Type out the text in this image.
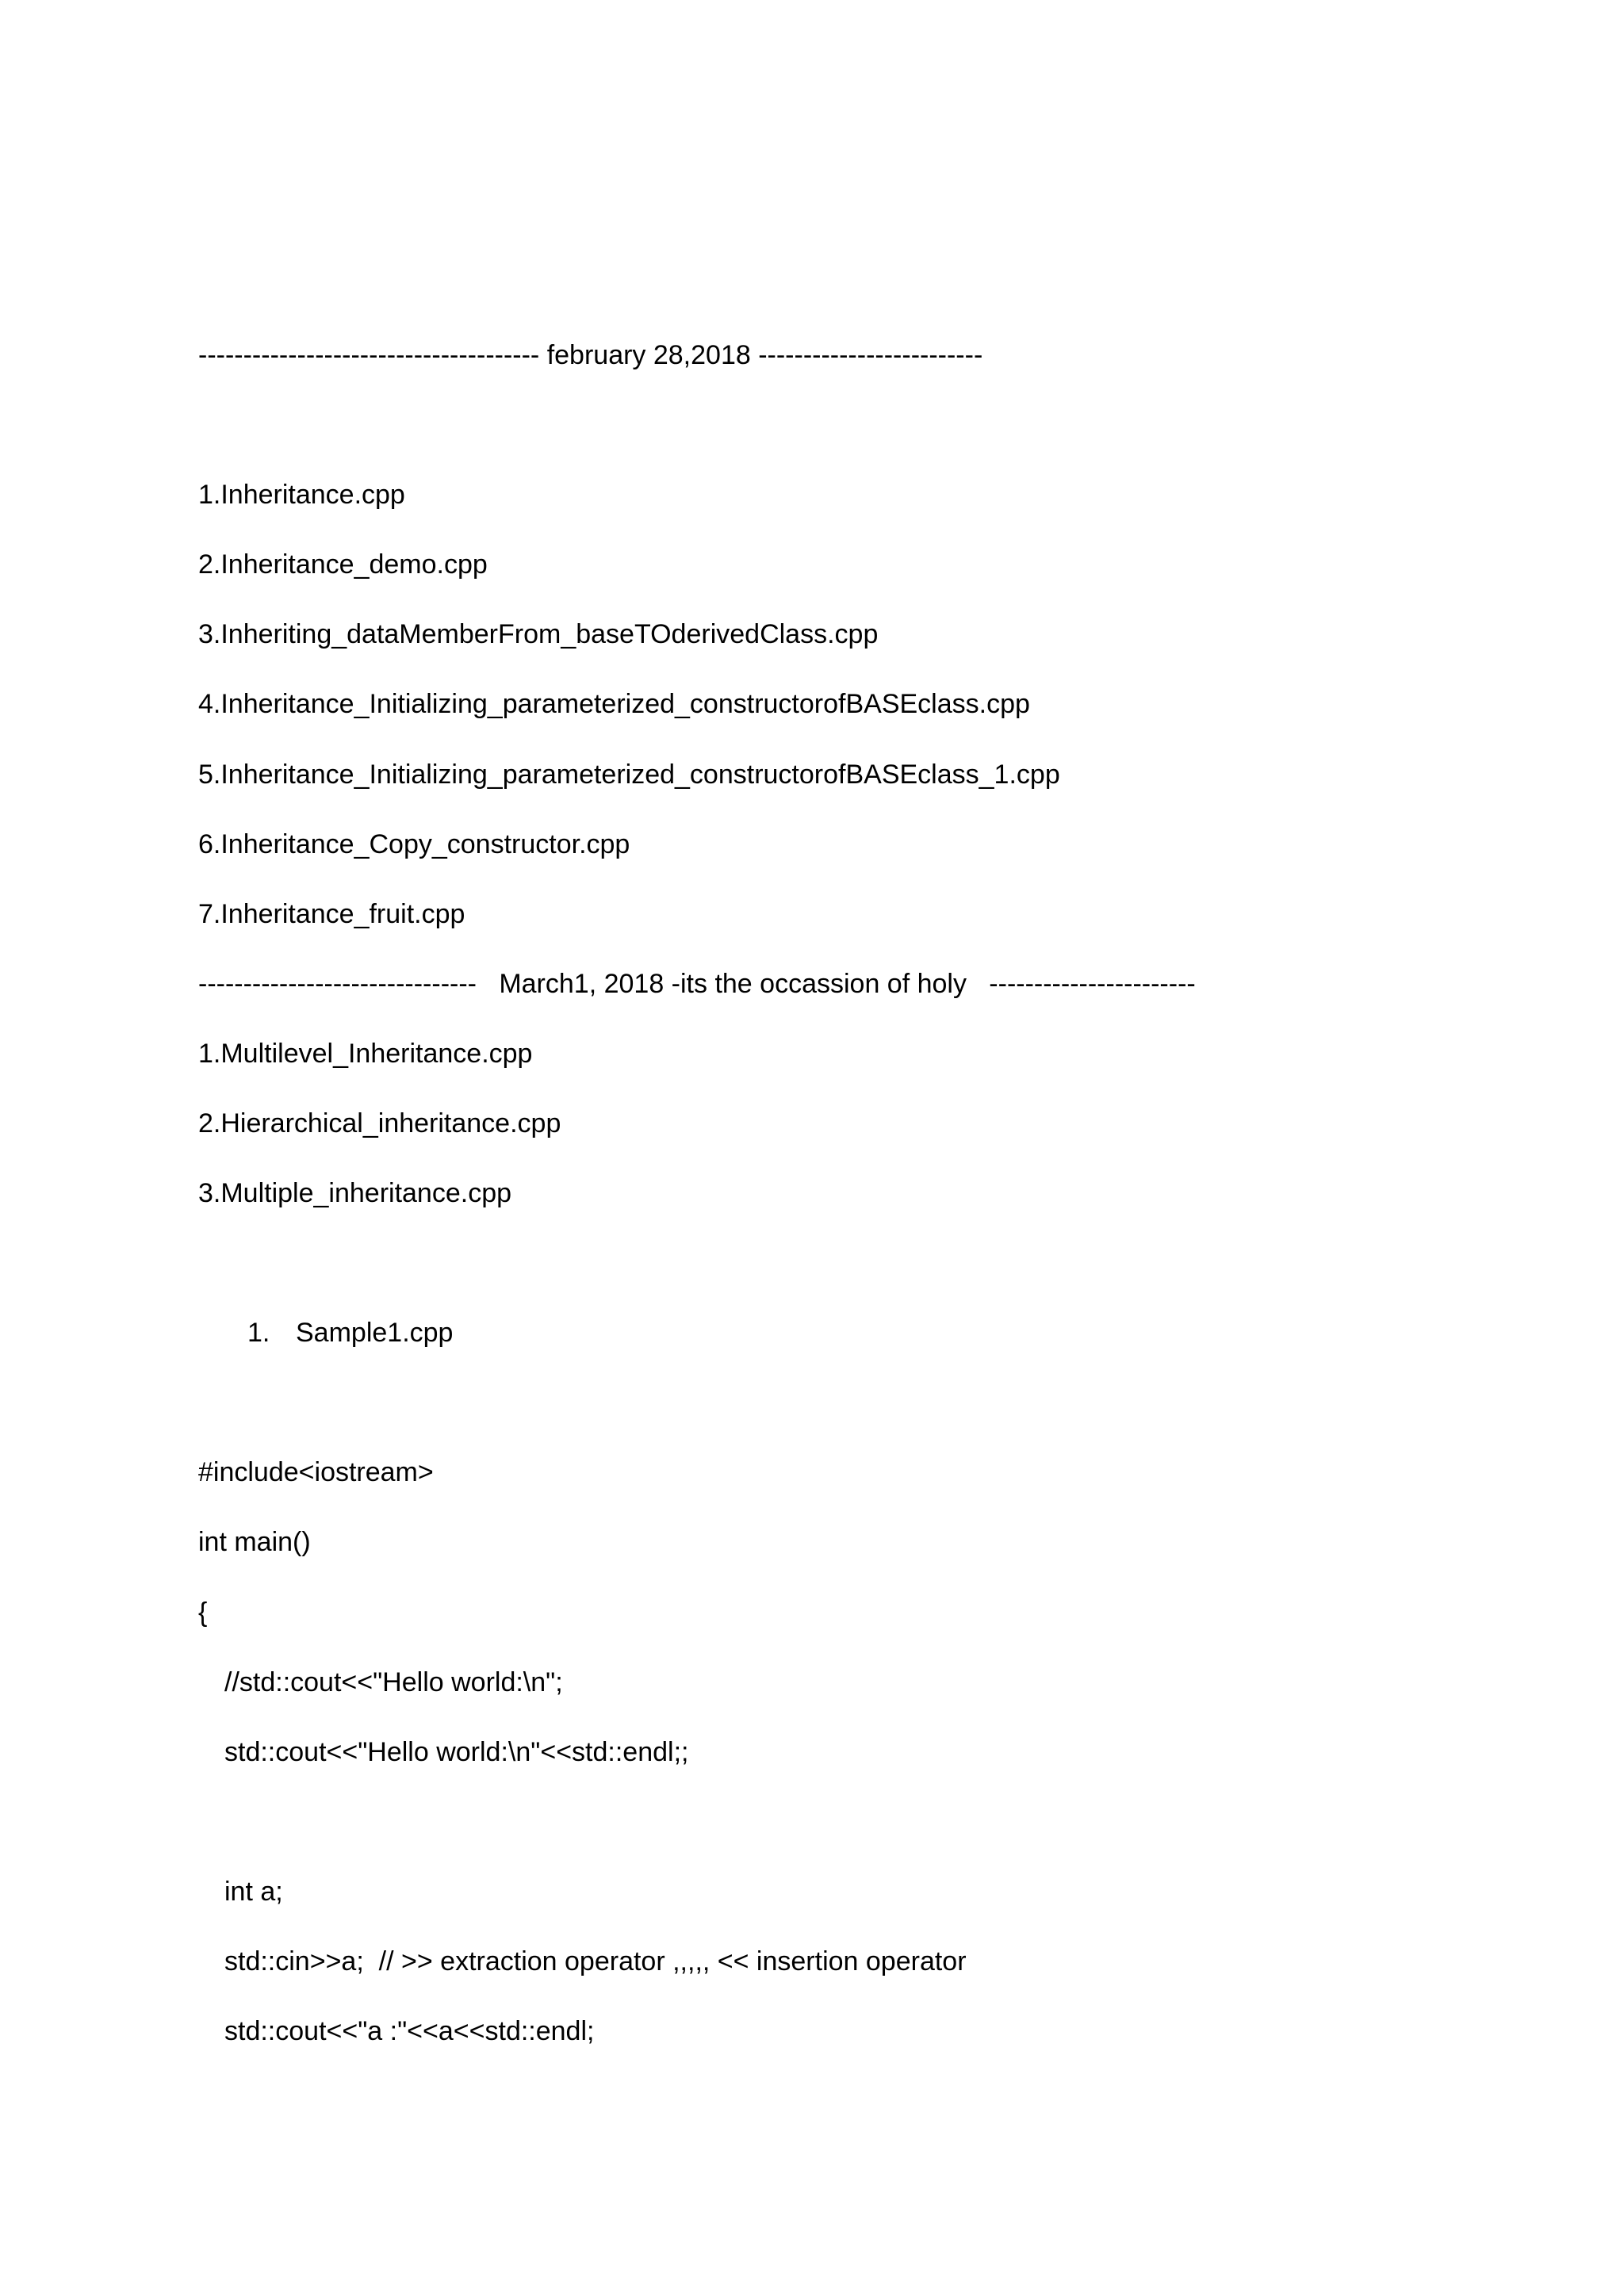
-------------------------------------- february 28,2018 -------------------------
1.Inheritance.cpp
2.Inheritance_demo.cpp
3.Inheriting_dataMemberFrom_baseTOderivedClass.cpp
4.Inheritance_Initializing_parameterized_constructorofBASEclass.cpp
5.Inheritance_Initializing_parameterized_constructorofBASEclass_1.cpp
6.Inheritance_Copy_constructor.cpp
7.Inheritance_fruit.cpp
-------------------------------   March1, 2018 -its the occassion of holy   -----------------------
1.Multilevel_Inheritance.cpp
2.Hierarchical_inheritance.cpp
3.Multiple_inheritance.cpp
1. Sample1.cpp
#include<iostream>
int main()
{
//std::cout<<"Hello world:\n";
std::cout<<"Hello world:\n"<<std::endl;;
int a;
std::cin>>a;  // >> extraction operator ,,,,, << insertion operator
std::cout<<"a :"<<a<<std::endl;
